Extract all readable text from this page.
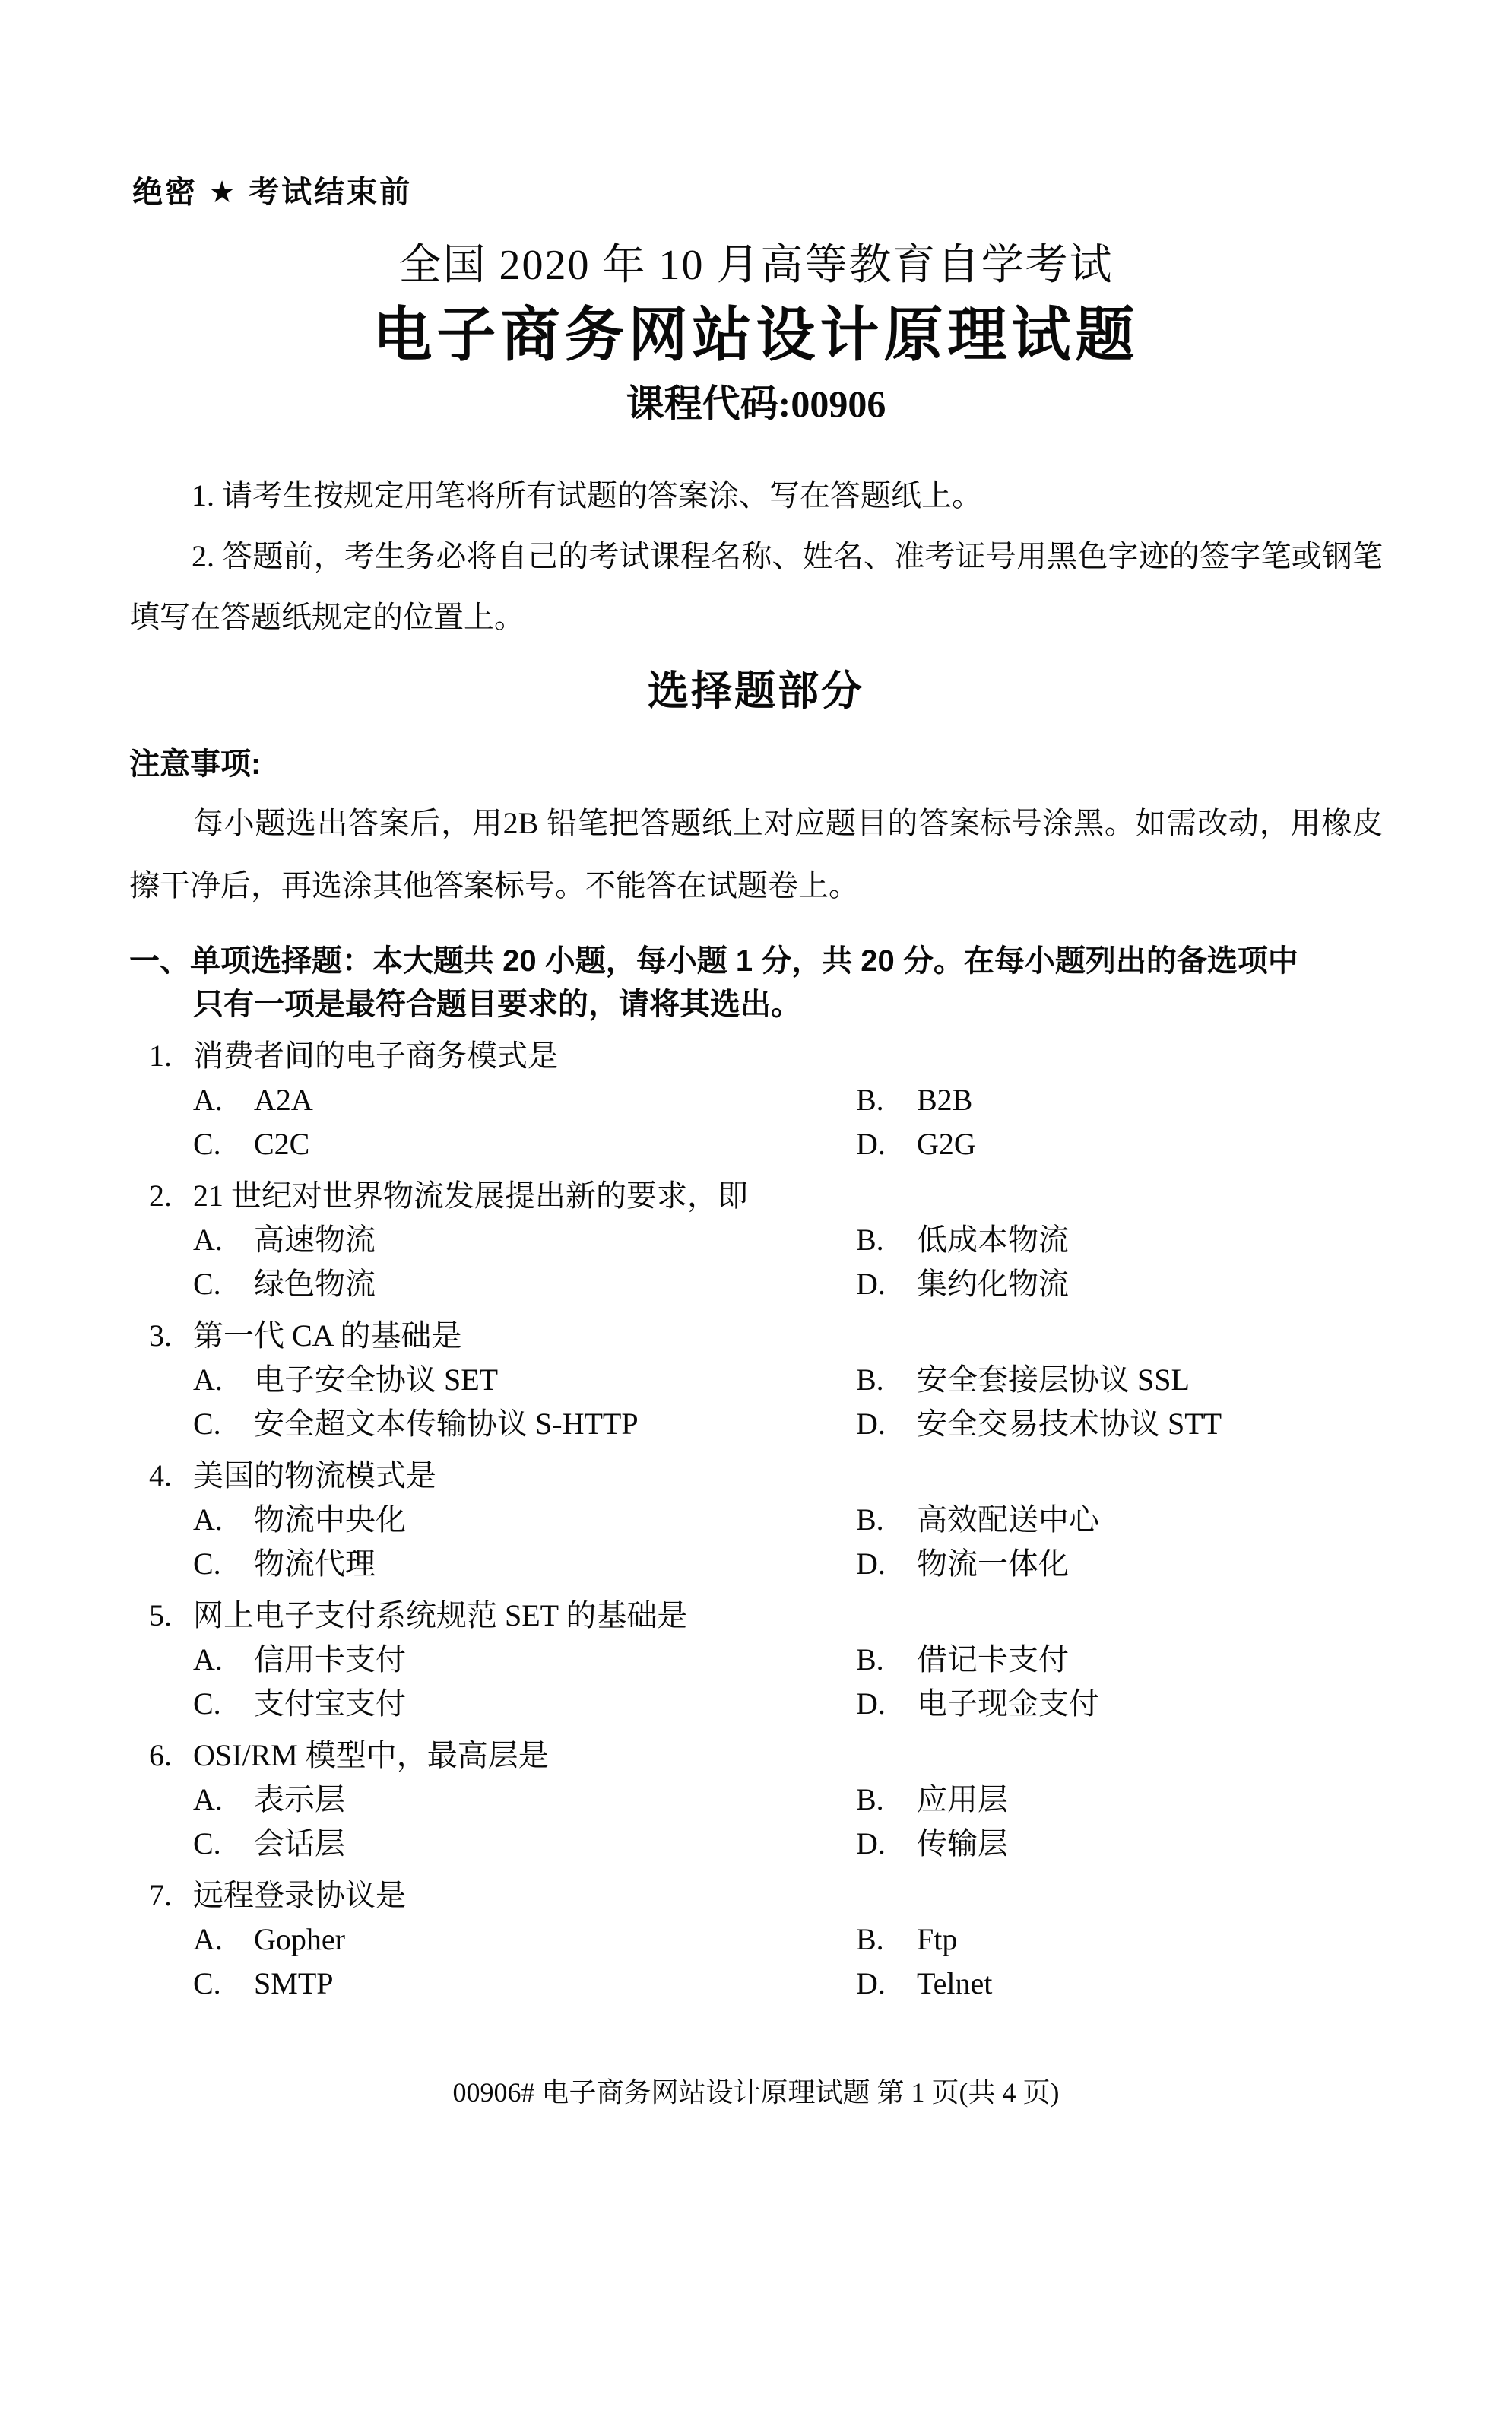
绝密 ★ 考试结束前
全国 2020 年 10 月高等教育自学考试
电子商务网站设计原理试题
课程代码:00906

1. 请考生按规定用笔将所有试题的答案涂、写在答题纸上。

2. 答题前，考生务必将自己的考试课程名称、姓名、准考证号用黑色字迹的签字笔或钢笔填写在答题纸规定的位置上。

选择题部分
注意事项:

每小题选出答案后，用2B 铅笔把答题纸上对应题目的答案标号涂黑。如需改动，用橡皮擦干净后，再选涂其他答案标号。不能答在试题卷上。

一、单项选择题：本大题共 20 小题，每小题 1 分，共 20 分。在每小题列出的备选项中
只有一项是最符合题目要求的，请将其选出。
1. 消费者间的电子商务模式是
A.	A2A	B.	B2B
C.	C2C	D.	G2G
2. 21 世纪对世界物流发展提出新的要求，即
A.	高速物流	B.	低成本物流
C.	绿色物流	D.	集约化物流
3. 第一代 CA 的基础是
A.	电子安全协议 SET	B.	安全套接层协议 SSL
C.	安全超文本传输协议 S-HTTP	D.	安全交易技术协议 STT
4. 美国的物流模式是
A.	物流中央化	B.	高效配送中心
C.	物流代理	D.	物流一体化
5. 网上电子支付系统规范 SET 的基础是
A.	信用卡支付	B.	借记卡支付
C.	支付宝支付	D.	电子现金支付
6. OSI/RM 模型中，最高层是
A.	表示层	B.	应用层
C.	会话层	D.	传输层
7. 远程登录协议是
A.	Gopher	B.	Ftp
C.	SMTP	D.	Telnet
00906# 电子商务网站设计原理试题 第 1 页(共 4 页)
